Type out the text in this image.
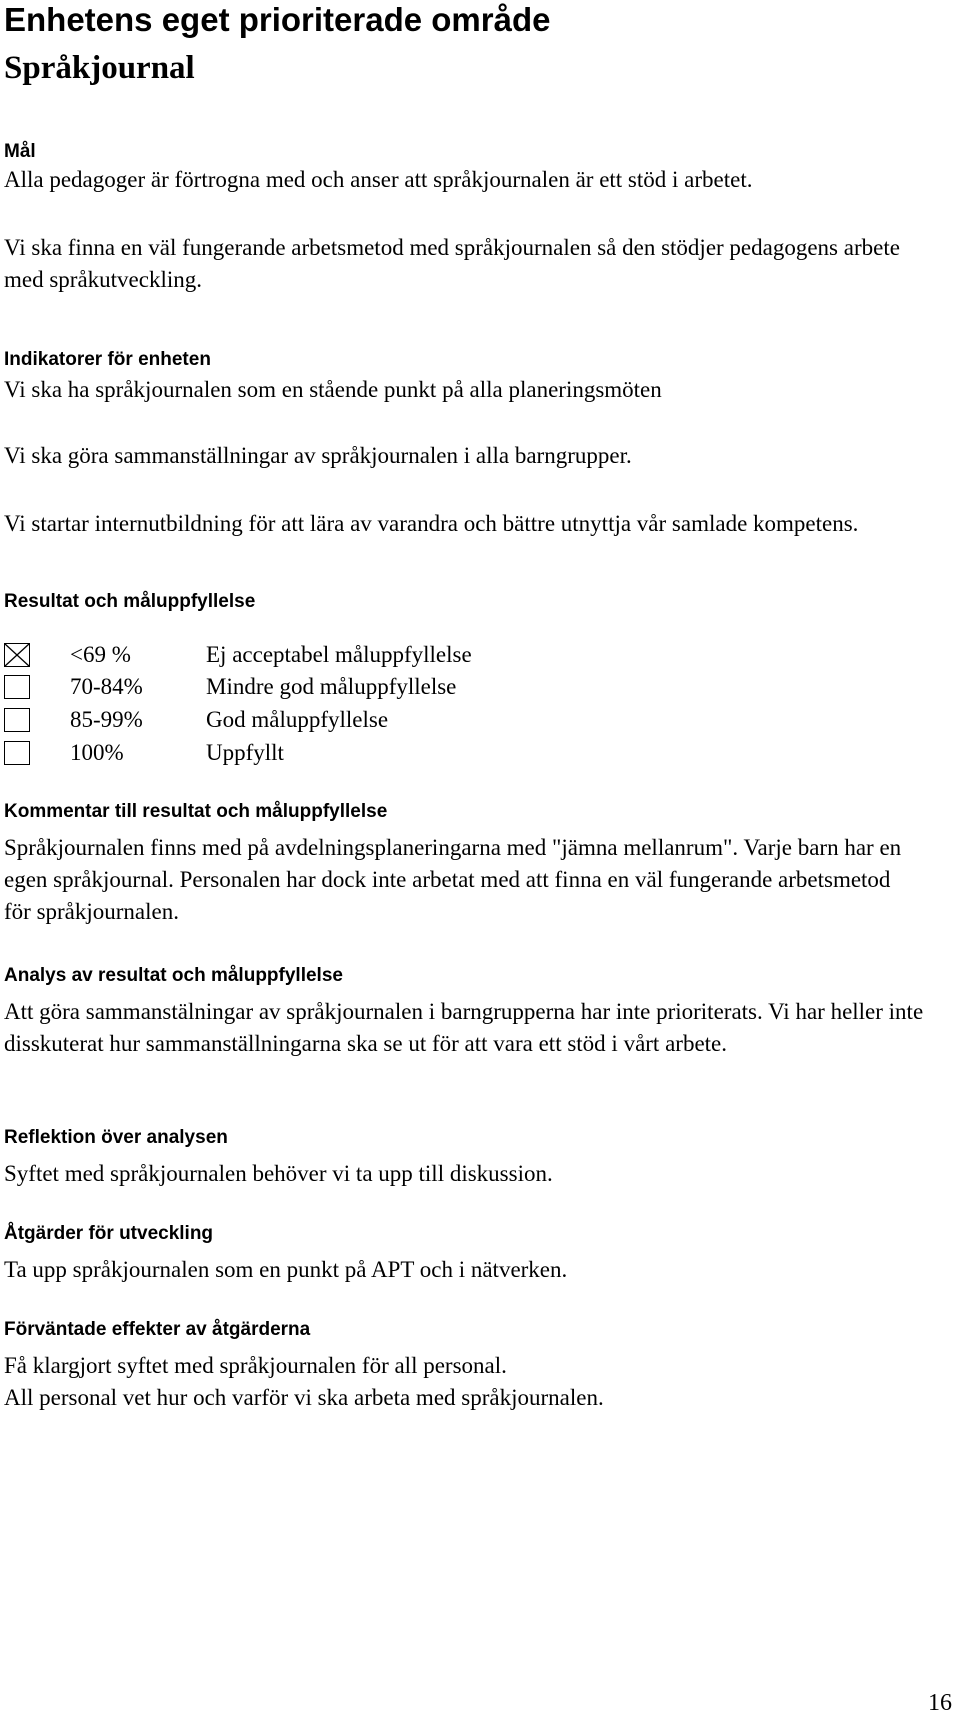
Enhetens eget prioriterade område
Språkjournal
Mål
Alla pedagoger är förtrogna med och anser att språkjournalen är ett stöd i arbetet.
Vi ska finna en väl fungerande arbetsmetod med språkjournalen så den stödjer pedagogens arbete med språkutveckling.
Indikatorer för enheten
Vi ska ha språkjournalen som en stående punkt på alla planeringsmöten
Vi ska göra sammanställningar av språkjournalen i alla barngrupper.
Vi startar internutbildning för att lära av varandra och bättre utnyttja vår samlade kompetens.
Resultat och måluppfyllelse
<69 %	Ej acceptabel måluppfyllelse
70-84%	Mindre god måluppfyllelse
85-99%	God måluppfyllelse
100%	Uppfyllt
Kommentar till resultat och måluppfyllelse
Språkjournalen finns med på avdelningsplaneringarna med "jämna mellanrum". Varje barn har en egen språkjournal. Personalen har dock inte arbetat med att finna en väl fungerande arbetsmetod för språkjournalen.
Analys av resultat och måluppfyllelse
Att göra sammanstälningar av språkjournalen i barngrupperna har inte prioriterats. Vi har heller inte disskuterat hur sammanställningarna ska se ut för att vara ett stöd i vårt arbete.
Reflektion över analysen
Syftet med språkjournalen behöver vi ta upp till diskussion.
Åtgärder för utveckling
Ta upp språkjournalen som en punkt på APT och i nätverken.
Förväntade effekter av åtgärderna
Få klargjort syftet med språkjournalen för all personal.
All personal vet hur och varför vi ska arbeta med språkjournalen.
16
